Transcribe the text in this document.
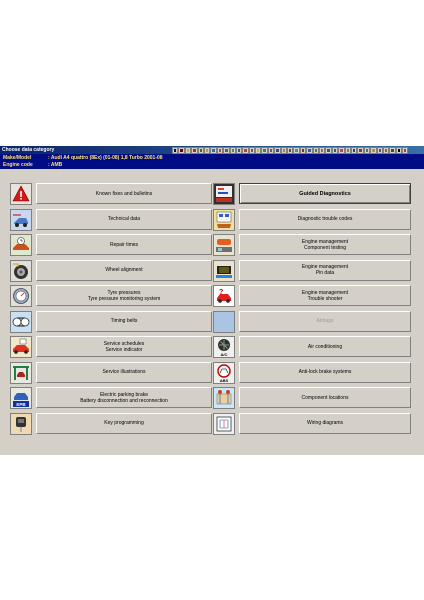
Choose data category
Make/Model	: Audi A4 quattro (8Ex) (01-08) 1,8 Turbo 2001-08
Engine code	: AMB
Known fixes and bulletins
Technical data
Repair times
Wheel alignment
Tyre pressures
Tyre pressure monitoring system
Timing belts
Service schedules
Service indicator
Service illustrations
EPB
Electric parking brake
Battery disconnection and reconnection
Key programming
Guided Diagnostics
Diagnostic trouble codes
Engine management
Component testing
Engine management
Pin data
?	Engine management
Trouble shooter
Airbags
A/C
Air conditioning
ABS
Anti-lock brake systems
Component locations
Wiring diagrams
